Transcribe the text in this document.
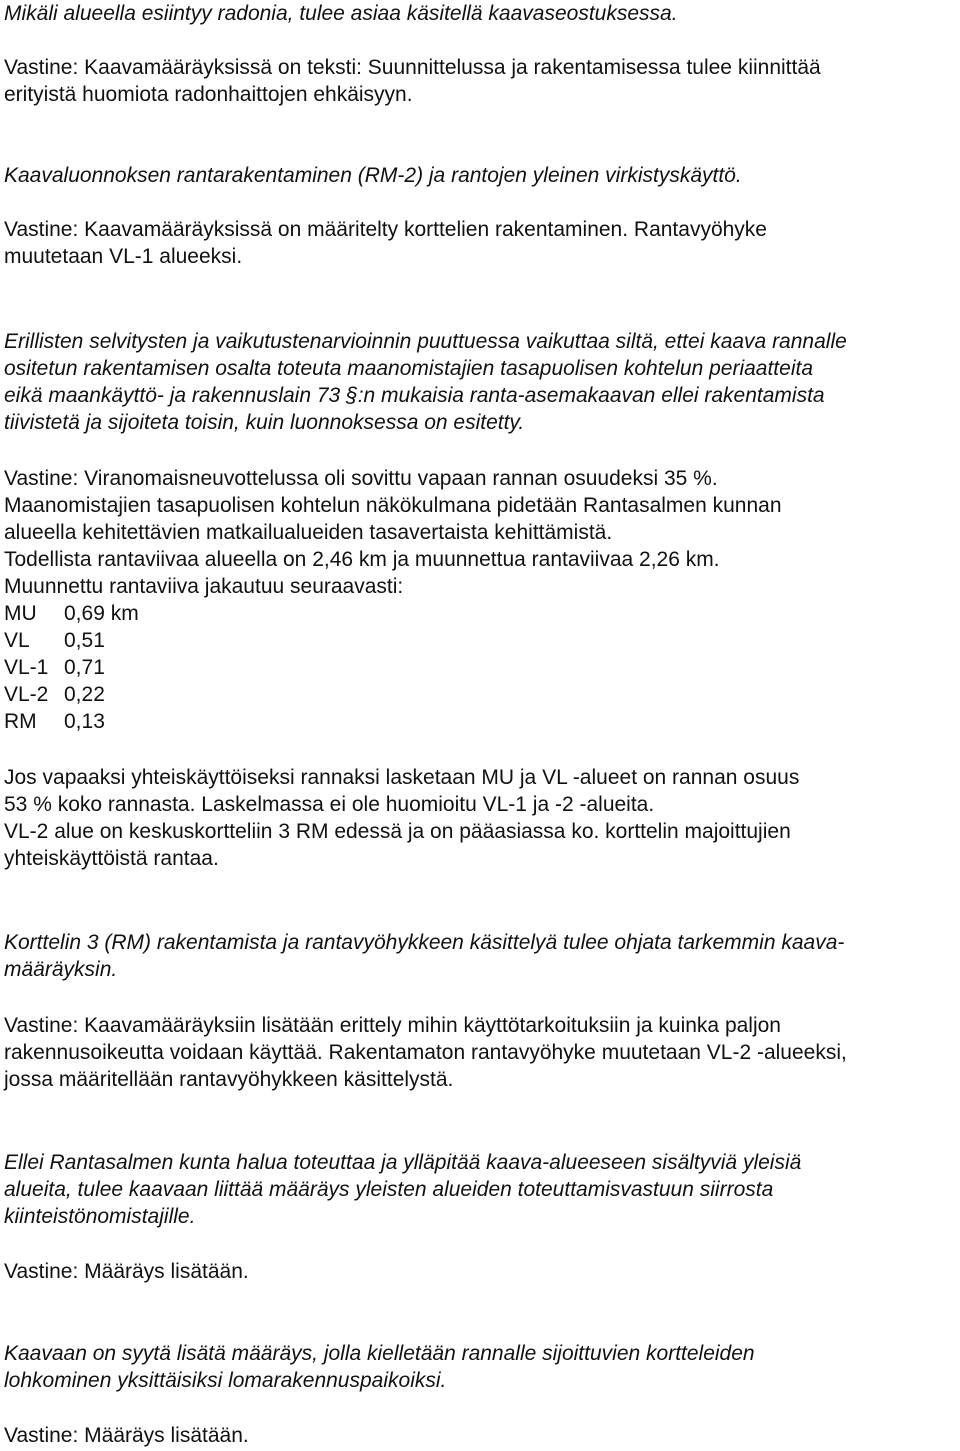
Mikäli alueella esiintyy radonia, tulee asiaa käsitellä kaavaseostuksessa.
Vastine: Kaavamääräyksissä on teksti: Suunnittelussa ja rakentamisessa tulee kiinnittää
erityistä huomiota radonhaittojen ehkäisyyn.
Kaavaluonnoksen rantarakentaminen (RM-2) ja rantojen yleinen virkistyskäyttö.
Vastine: Kaavamääräyksissä on määritelty korttelien rakentaminen. Rantavyöhyke
muutetaan VL-1 alueeksi.
Erillisten selvitysten ja vaikutustenarvioinnin puuttuessa vaikuttaa siltä, ettei kaava rannalle
ositetun rakentamisen osalta toteuta maanomistajien tasapuolisen kohtelun periaatteita
eikä maankäyttö- ja rakennuslain 73 §:n mukaisia ranta-asemakaavan ellei rakentamista
tiivistetä ja sijoiteta toisin, kuin luonnoksessa on esitetty.
Vastine: Viranomaisneuvottelussa oli sovittu vapaan rannan osuudeksi 35 %.
Maanomistajien tasapuolisen kohtelun näkökulmana pidetään Rantasalmen kunnan
alueella kehitettävien matkailualueiden tasavertaista kehittämistä.
Todellista rantaviivaa alueella on 2,46 km ja muunnettua rantaviivaa 2,26 km.
Muunnettu rantaviiva jakautuu seuraavasti:
MU 0,69 km
VL 0,51
VL-1 0,71
VL-2 0,22
RM 0,13
Jos vapaaksi yhteiskäyttöiseksi rannaksi lasketaan MU ja VL -alueet on rannan osuus
53 % koko rannasta. Laskelmassa ei ole huomioitu VL-1 ja -2 -alueita.
VL-2 alue on keskuskortteliin 3 RM edessä ja on pääasiassa ko. korttelin majoittujien
yhteiskäyttöistä rantaa.
Korttelin 3 (RM) rakentamista ja rantavyöhykkeen käsittelyä tulee ohjata tarkemmin kaava-
määräyksin.
Vastine: Kaavamääräyksiin lisätään erittely mihin käyttötarkoituksiin ja kuinka paljon
rakennusoikeutta voidaan käyttää. Rakentamaton rantavyöhyke muutetaan VL-2 -alueeksi,
jossa määritellään rantavyöhykkeen käsittelystä.
Ellei Rantasalmen kunta halua toteuttaa ja ylläpitää kaava-alueeseen sisältyviä yleisiä
alueita, tulee kaavaan liittää määräys yleisten alueiden toteuttamisvastuun siirrosta
kiinteistönomistajille.
Vastine: Määräys lisätään.
Kaavaan on syytä lisätä määräys, jolla kielletään rannalle sijoittuvien kortteleiden
lohkominen yksittäisiksi lomarakennuspaikoiksi.
Vastine: Määräys lisätään.
